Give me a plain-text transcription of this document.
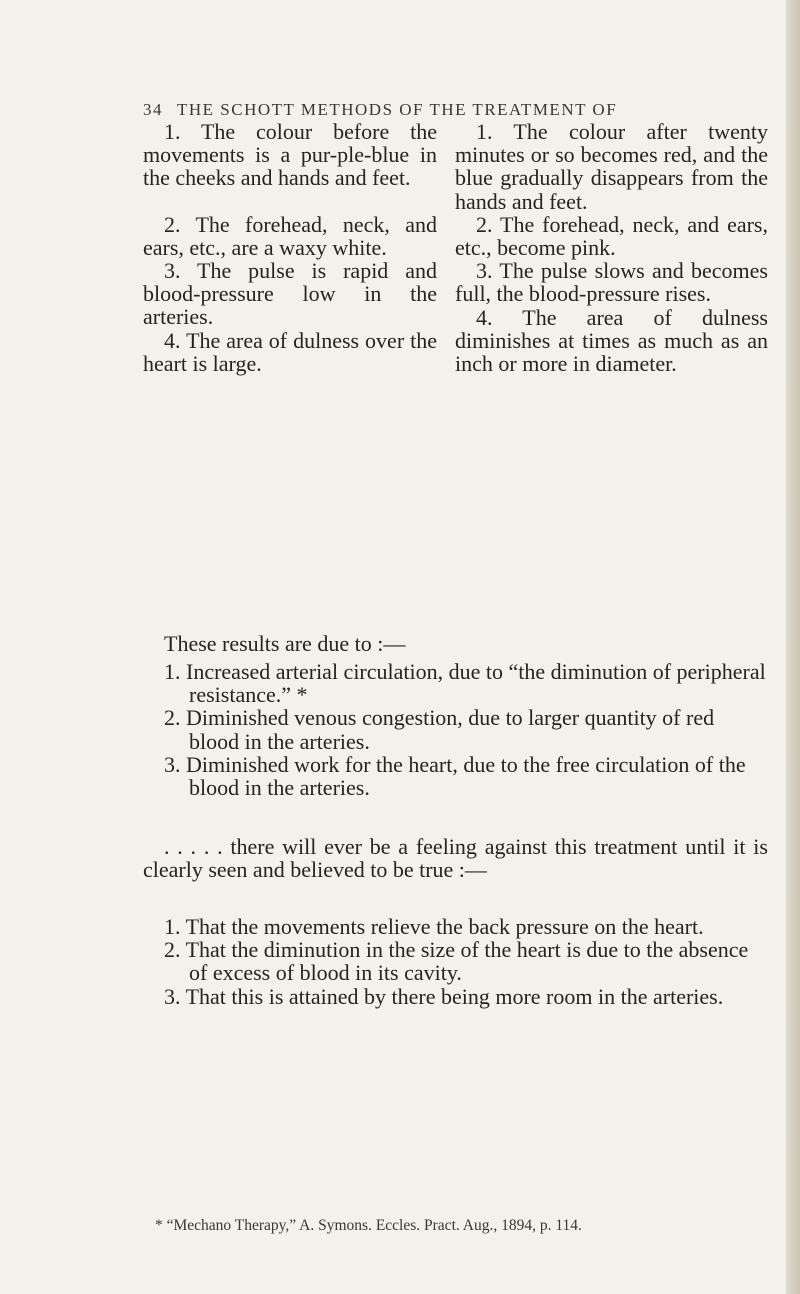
34 THE SCHOTT METHODS OF THE TREATMENT OF

1. The colour before the movements is a pur-ple-blue in the cheeks and hands and feet.

2. The forehead, neck, and ears, etc., are a waxy white.

3. The pulse is rapid and blood-pressure low in the arteries.

4. The area of dulness over the heart is large.

1. The colour after twenty minutes or so becomes red, and the blue gradually disappears from the hands and feet.

2. The forehead, neck, and ears, etc., become pink.

3. The pulse slows and becomes full, the blood-pressure rises.

4. The area of dulness diminishes at times as much as an inch or more in diameter.

These results are due to :—
1. Increased arterial circulation, due to “the diminution of peripheral resistance.” *
2. Diminished venous congestion, due to larger quantity of red blood in the arteries.
3. Diminished work for the heart, due to the free circulation of the blood in the arteries.
. . . . . there will ever be a feeling against this treatment until it is clearly seen and believed to be true :—
1. That the movements relieve the back pressure on the heart.
2. That the diminution in the size of the heart is due to the absence of excess of blood in its cavity.
3. That this is attained by there being more room in the arteries.
* “Mechano Therapy,” A. Symons. Eccles. Pract. Aug., 1894, p. 114.
